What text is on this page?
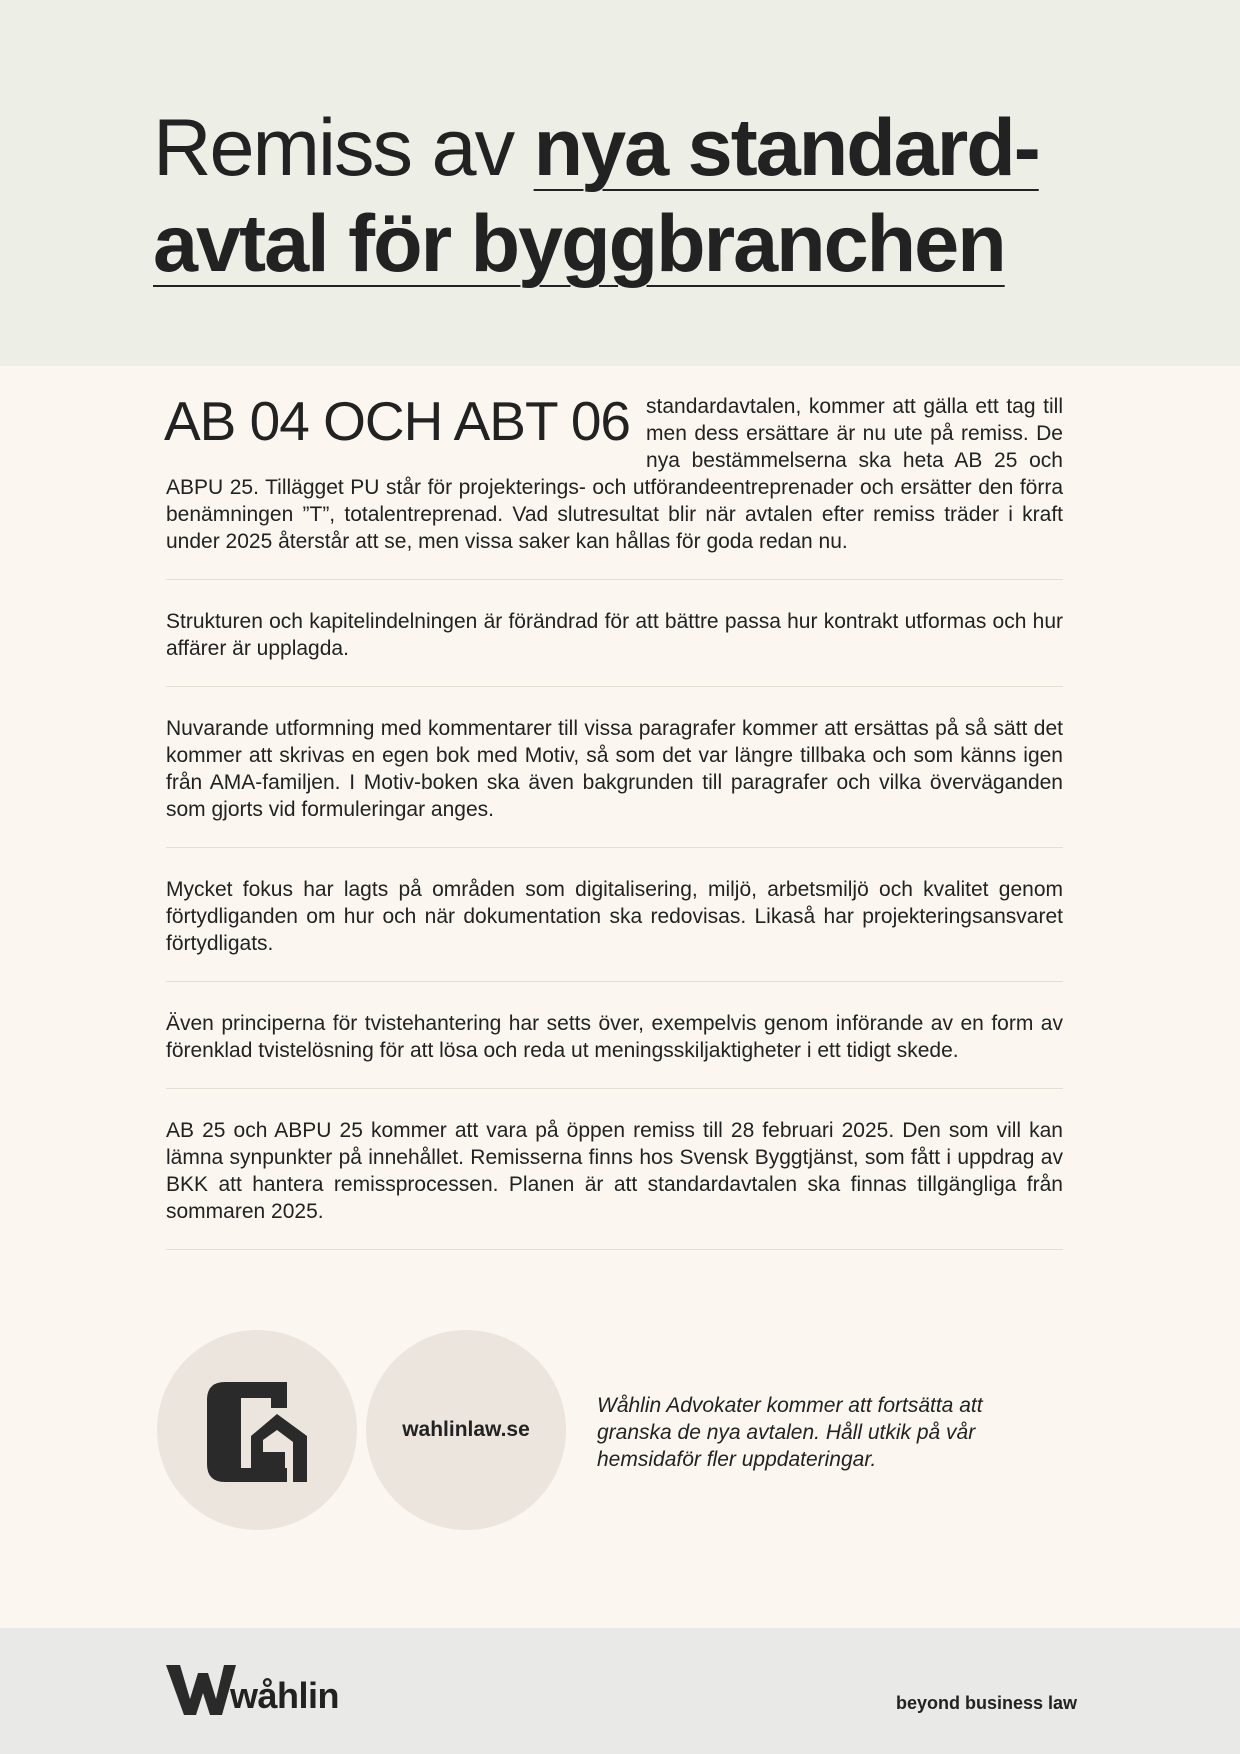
Remiss av nya standard-avtal för byggbranchen

AB 04 OCH ABT 06 standardavtalen, kommer att gälla ett tag till men dess ersättare är nu ute på remiss. De nya bestämmelserna ska heta AB 25 och ABPU 25. Tillägget PU står för projekterings- och utförandeentreprenader och ersätter den förra benämningen ”T”, totalentreprenad. Vad slutresultat blir när avtalen efter remiss träder i kraft under 2025 återstår att se, men vissa saker kan hållas för goda redan nu.

Strukturen och kapitelindelningen är förändrad för att bättre passa hur kontrakt utformas och hur affärer är upplagda.

Nuvarande utformning med kommentarer till vissa paragrafer kommer att ersättas på så sätt det kommer att skrivas en egen bok med Motiv, så som det var längre tillbaka och som känns igen från AMA-familjen. I Motiv-boken ska även bakgrunden till paragrafer och vilka överväganden som gjorts vid formuleringar anges.

Mycket fokus har lagts på områden som digitalisering, miljö, arbetsmiljö och kvalitet genom förtydliganden om hur och när dokumentation ska redovisas. Likaså har projekteringsansvaret förtydligats.

Även principerna för tvistehantering har setts över, exempelvis genom införande av en form av förenklad tvistelösning för att lösa och reda ut meningsskiljaktigheter i ett tidigt skede.

AB 25 och ABPU 25 kommer att vara på öppen remiss till 28 februari 2025. Den som vill kan lämna synpunkter på innehållet. Remisserna finns hos Svensk Byggtjänst, som fått i uppdrag av BKK att hantera remissprocessen. Planen är att standardavtalen ska finnas tillgängliga från sommaren 2025.

wahlinlaw.se

Wåhlin Advokater kommer att fortsätta att granska de nya avtalen. Håll utkik på vår hemsidaför fler uppdateringar.

wåhlin	beyond business law
